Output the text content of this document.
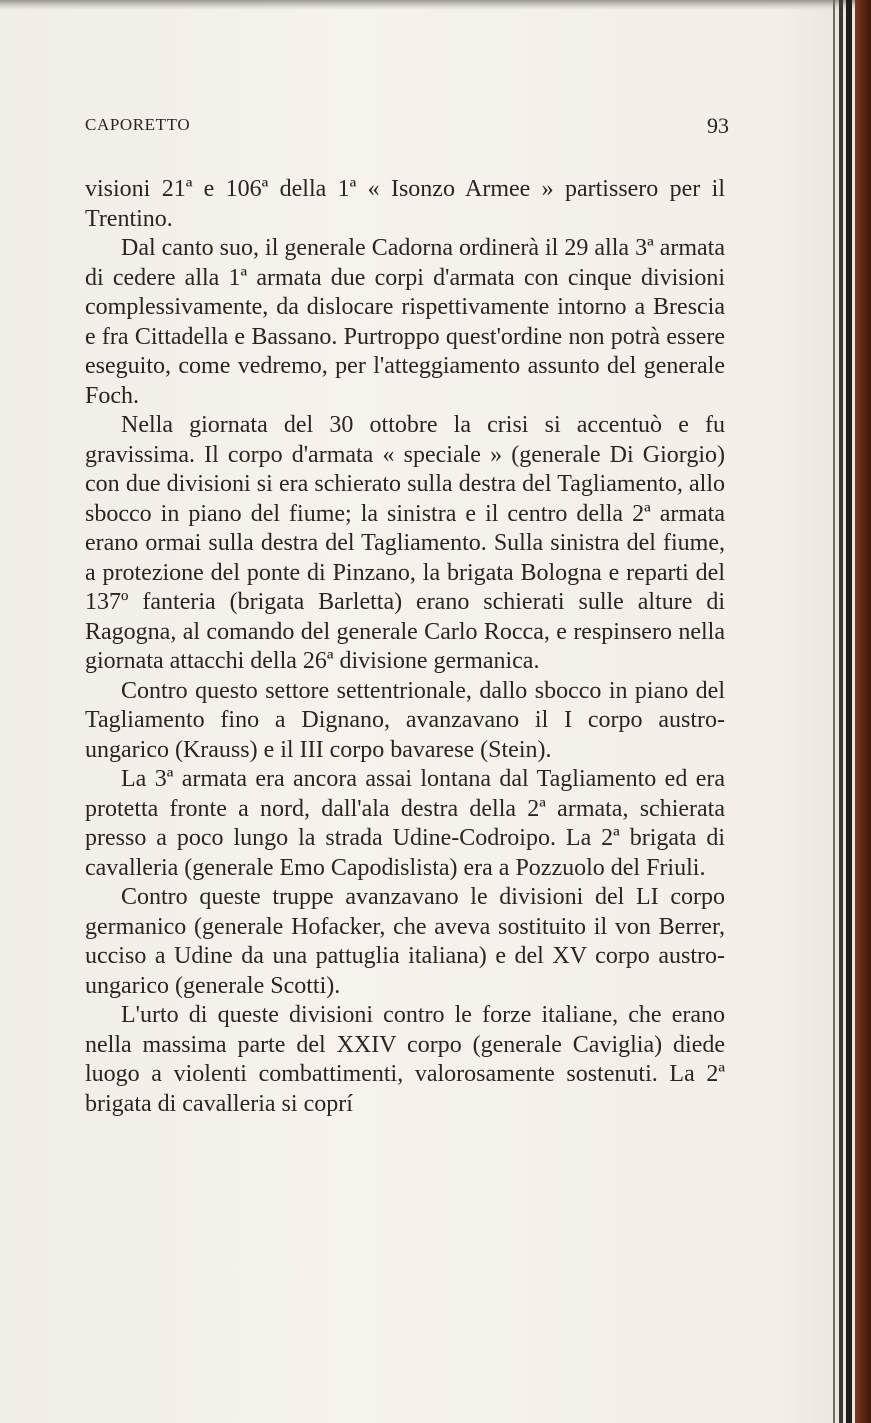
CAPORETTO	93

visioni 21ª e 106ª della 1ª « Isonzo Armee » partissero per il Trentino.

Dal canto suo, il generale Cadorna ordinerà il 29 alla 3ª armata di cedere alla 1ª armata due corpi d'armata con cinque divisioni complessivamente, da dislocare rispettivamente intorno a Brescia e fra Cittadella e Bassano. Purtroppo quest'ordine non potrà essere eseguito, come vedremo, per l'atteggiamento assunto del generale Foch.

Nella giornata del 30 ottobre la crisi si accentuò e fu gravissima. Il corpo d'armata « speciale » (generale Di Giorgio) con due divisioni si era schierato sulla destra del Tagliamento, allo sbocco in piano del fiume; la sinistra e il centro della 2ª armata erano ormai sulla destra del Tagliamento. Sulla sinistra del fiume, a protezione del ponte di Pinzano, la brigata Bologna e reparti del 137º fanteria (brigata Barletta) erano schierati sulle alture di Ragogna, al comando del generale Carlo Rocca, e respinsero nella giornata attacchi della 26ª divisione germanica.

Contro questo settore settentrionale, dallo sbocco in piano del Tagliamento fino a Dignano, avanzavano il I corpo austro-ungarico (Krauss) e il III corpo bavarese (Stein).

La 3ª armata era ancora assai lontana dal Tagliamento ed era protetta fronte a nord, dall'ala destra della 2ª armata, schierata presso a poco lungo la strada Udine-Codroipo. La 2ª brigata di cavalleria (generale Emo Capodislista) era a Pozzuolo del Friuli.

Contro queste truppe avanzavano le divisioni del LI corpo germanico (generale Hofacker, che aveva sostituito il von Berrer, ucciso a Udine da una pattuglia italiana) e del XV corpo austro-ungarico (generale Scotti).

L'urto di queste divisioni contro le forze italiane, che erano nella massima parte del XXIV corpo (generale Caviglia) diede luogo a violenti combattimenti, valorosamente sostenuti. La 2ª brigata di cavalleria si coprí
